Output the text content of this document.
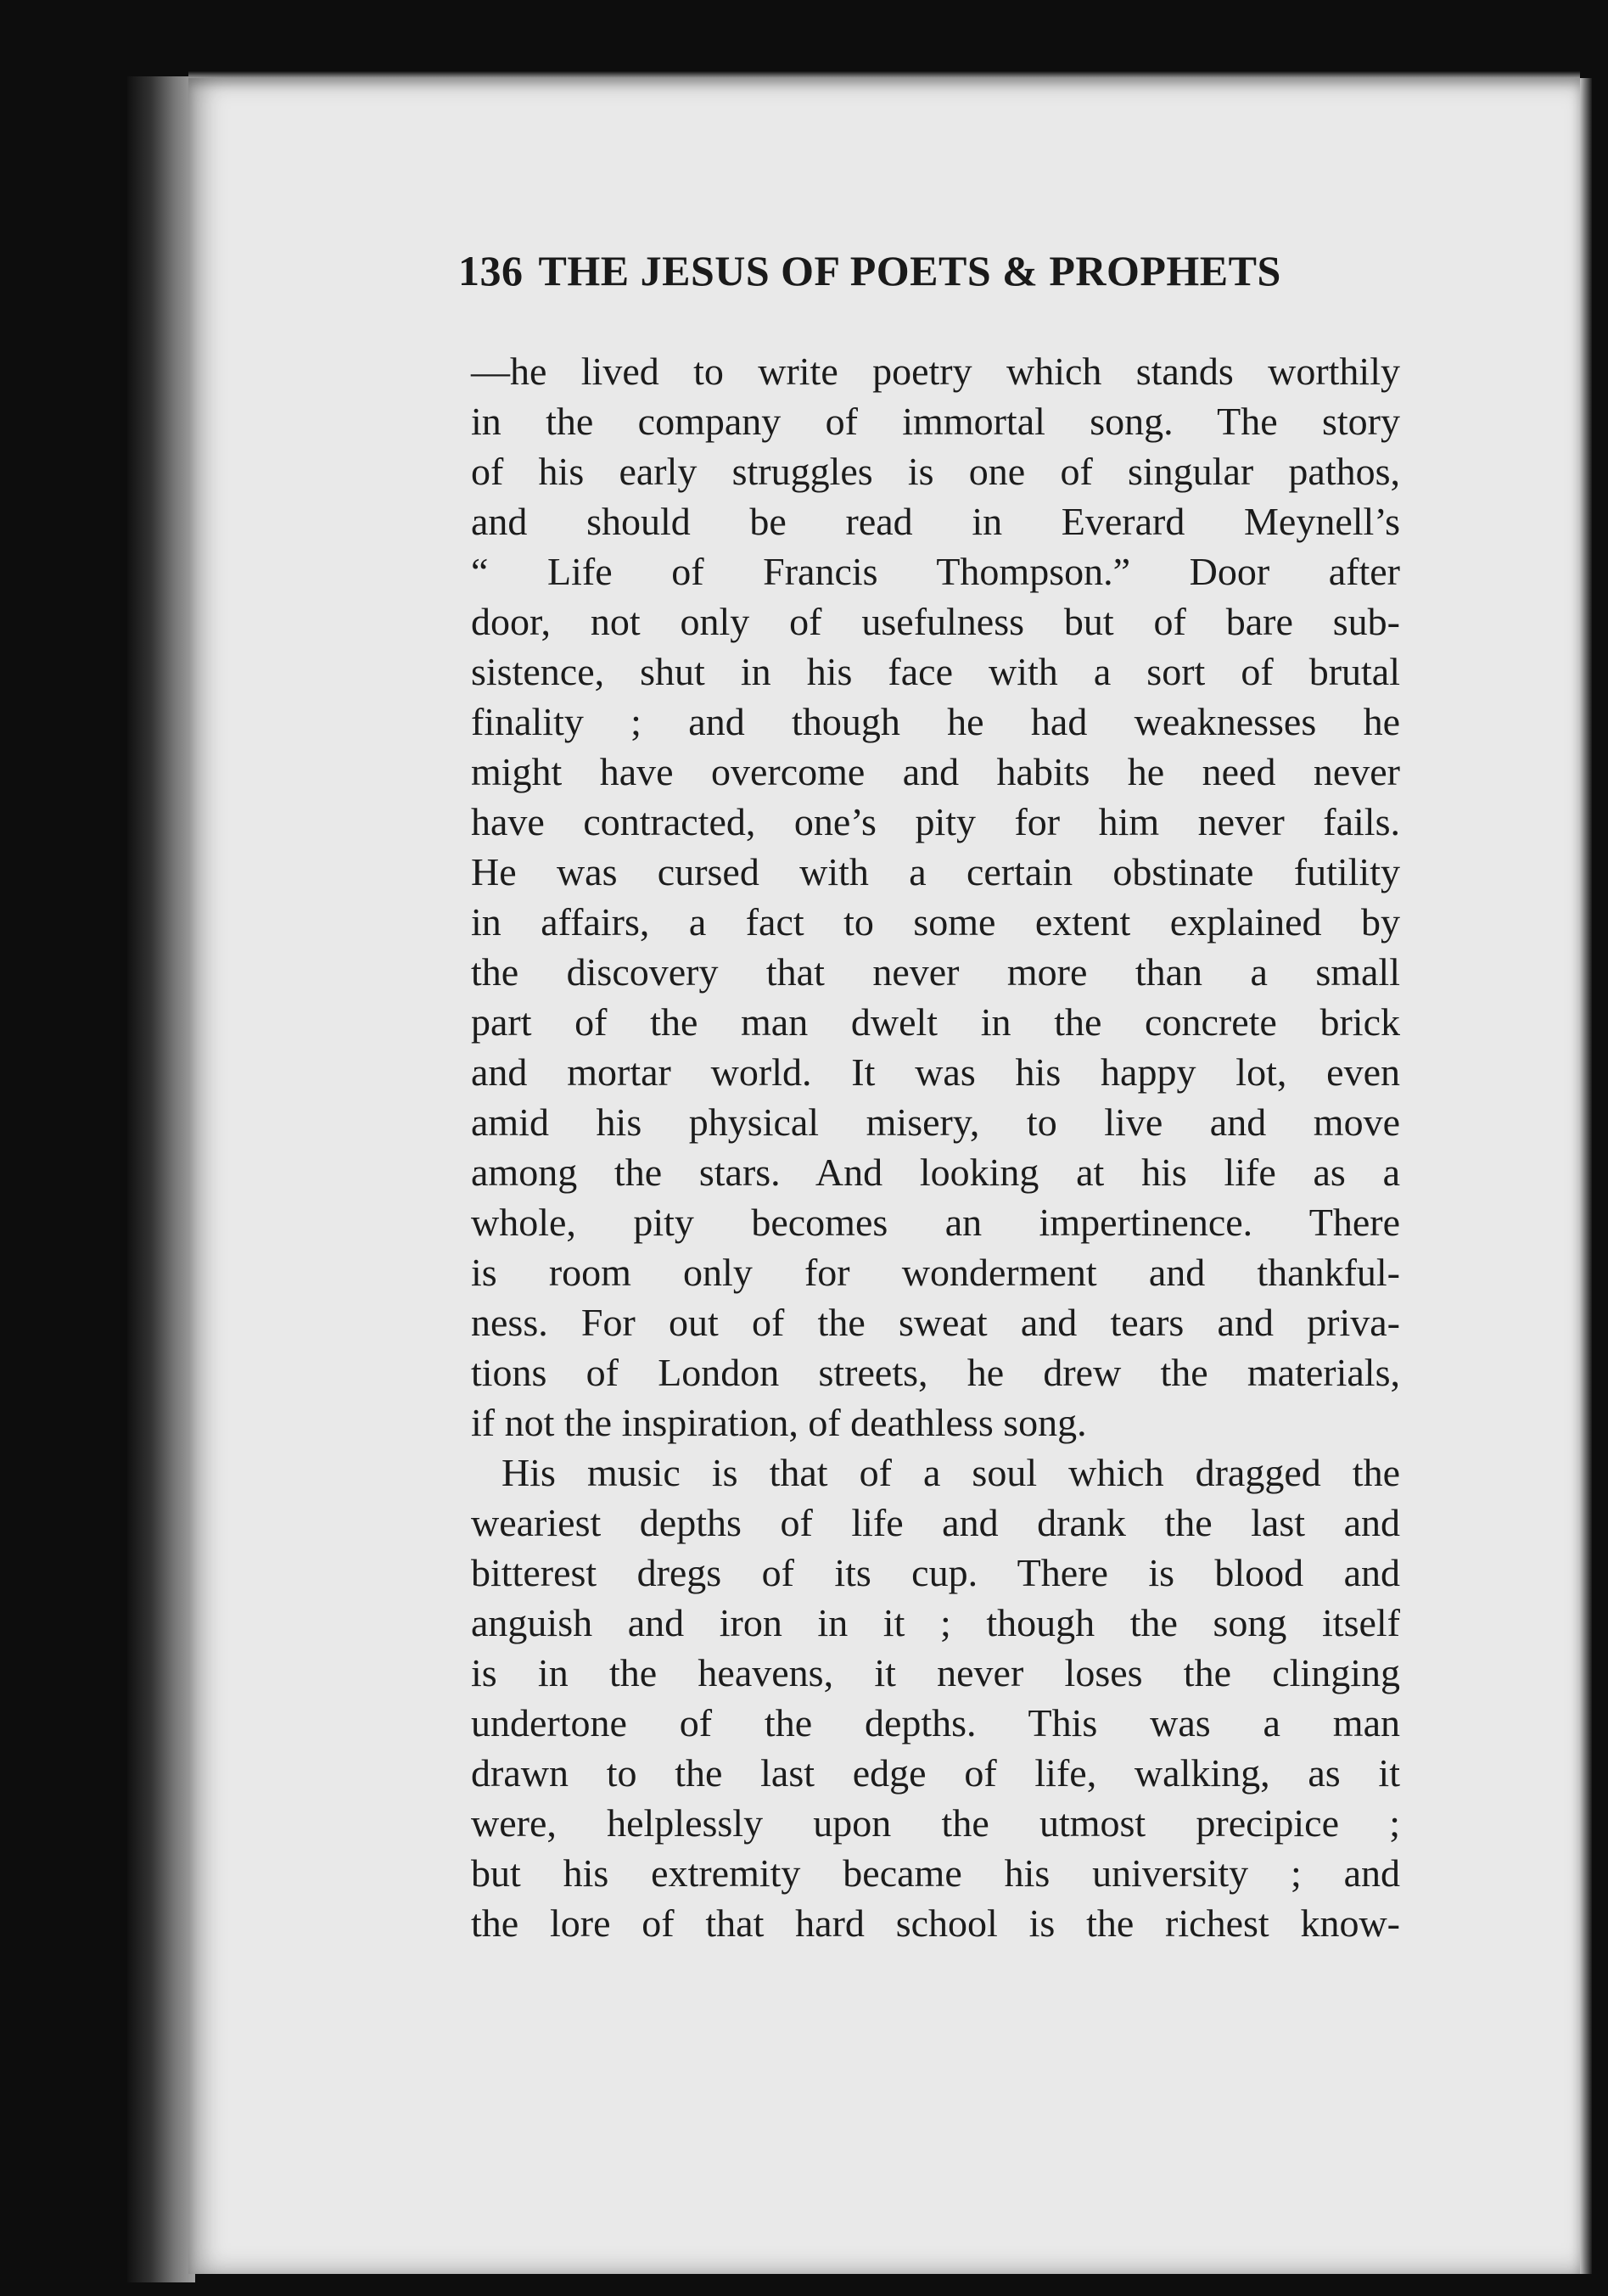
136 THE JESUS OF POETS & PROPHETS
—he lived to write poetry which stands worthily
in the company of immortal song. The story
of his early struggles is one of singular pathos,
and should be read in Everard Meynell’s
“ Life of Francis Thompson.” Door after
door, not only of usefulness but of bare sub-
sistence, shut in his face with a sort of brutal
finality ; and though he had weaknesses he
might have overcome and habits he need never
have contracted, one’s pity for him never fails.
He was cursed with a certain obstinate futility
in affairs, a fact to some extent explained by
the discovery that never more than a small
part of the man dwelt in the concrete brick
and mortar world. It was his happy lot, even
amid his physical misery, to live and move
among the stars. And looking at his life as a
whole, pity becomes an impertinence. There
is room only for wonderment and thankful-
ness. For out of the sweat and tears and priva-
tions of London streets, he drew the materials,
if not the inspiration, of deathless song.
His music is that of a soul which dragged the
weariest depths of life and drank the last and
bitterest dregs of its cup. There is blood and
anguish and iron in it ; though the song itself
is in the heavens, it never loses the clinging
undertone of the depths. This was a man
drawn to the last edge of life, walking, as it
were, helplessly upon the utmost precipice ;
but his extremity became his university ; and
the lore of that hard school is the richest know-
